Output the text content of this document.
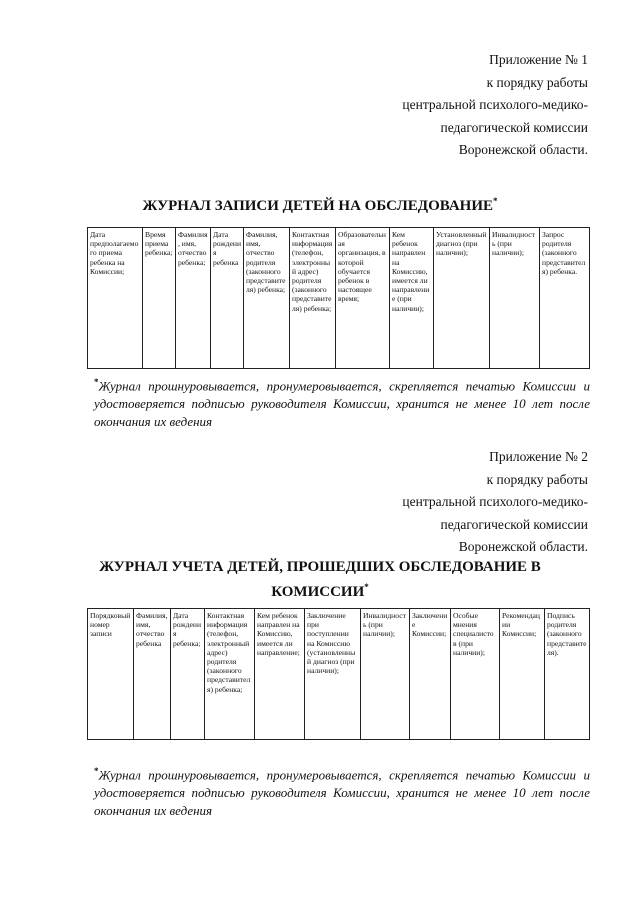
Приложение № 1
к порядку работы
центральной психолого-медико-
педагогической комиссии
Воронежской области.
ЖУРНАЛ ЗАПИСИ ДЕТЕЙ НА ОБСЛЕДОВАНИЕ*
Дата предполагаемого приема ребенка на Комиссии;	Время приема ребенка;	Фамилия, имя, отчество ребенка;	Дата рождения ребенка	Фамилия, имя, отчество родителя (законного представителя) ребенка;	Контактная информация (телефон, электронный адрес) родителя (законного представителя) ребенка;	Образовательная организация, в которой обучается ребенок в настоящее время;	Кем ребенок направлен на Комиссию, имеется ли направление (при наличии);	Установленный диагноз (при наличии);	Инвалидность (при наличии);	Запрос родителя (законного представителя) ребенка.
*Журнал прошнуровывается, пронумеровывается, скрепляется печатью Комиссии и удостоверяется подписью руководителя Комиссии, хранится не менее 10 лет после окончания их ведения
Приложение № 2
к порядку работы
центральной психолого-медико-
педагогической комиссии
Воронежской области.
ЖУРНАЛ УЧЕТА ДЕТЕЙ, ПРОШЕДШИХ ОБСЛЕДОВАНИЕ В
КОМИССИИ*
Порядковый номер записи	Фамилия, имя, отчество ребенка	Дата рождения ребенка;	Контактная информация (телефон, электронный адрес) родителя (законного представителя) ребенка;	Кем ребенок направлен на Комиссию, имеется ли направление;	Заключение при поступлении на Комиссию (установленный диагноз (при наличии);	Инвалидность (при наличии);	Заключение Комиссии;	Особые мнения специалистов (при наличии);	Рекомендации Комиссии;	Подпись родителя (законного представителя).
*Журнал прошнуровывается, пронумеровывается, скрепляется печатью Комиссии и удостоверяется подписью руководителя Комиссии, хранится не менее 10 лет после окончания их ведения
